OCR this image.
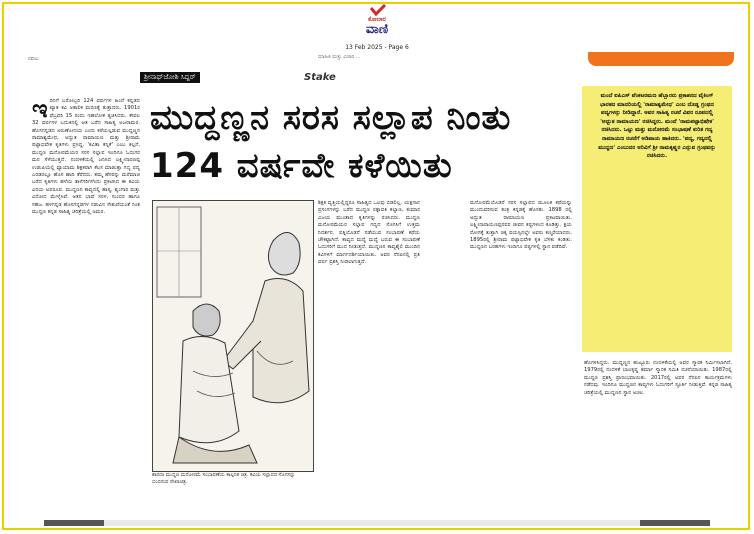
ಕೋಲಾರ
ವಾಣಿ
13 Feb 2025 - Page 6
ಮಾಹಿತಿ ಮತ್ತು ವಿಚಾರ ...
ನವಲು
ಶ್ರೀನಾಥ್‌ಜೋಶಿ ಸಿದ್ದರ್	Stake
ಮುದ್ದಣ್ಣನ ಸರಸ ಸಲ್ಲಾಪ ನಿಂತು 124 ವರ್ಷವೇ ಕಳೆಯಿತು
ಇ ದಿನಿಗೆ ಬರೋಬ್ಬರಿ 124 ವರ್ಷಗಳ ಹಿಂದೆ ಕನ್ನಡದ ಖ್ಯಾತ ಕವಿ ಅಕಾಲಿಕ ಮರಣಕ್ಕೆ ತುತ್ತಾದರು. 1901ರ ಫೆಬ್ರವರಿ 15 ರಂದು ಇಹಲೋಕ ತ್ಯಜಿಸಿದರು. ಕೇವಲ 32 ವರ್ಷಗಳ ಬದುಕಿನಲ್ಲಿ ಆತ ಬರೆದ ಸಾಹಿತ್ಯ ಅಜರಾಮರ. ಹೊಸಗನ್ನಡದ ಅರುಣೋದಯ ಎಂದು ಕರೆಯಲ್ಪಡುವ ಮುದ್ದಣ್ಣನ ರಾಮಾಶ್ವಮೇಧ, ಅದ್ಭುತ ರಾಮಾಯಣ ಮತ್ತು ಶ್ರೀರಾಮ ಪಟ್ಟಾಭಿಷೇಕ ಕೃತಿಗಳು ಪ್ರಸಿದ್ಧ. 'ಕವಿತಾ ಕನ್ನಿಕೆ' ಎಂಬ ಕಲ್ಪನೆ, ಮುದ್ದಣ ಮನೋರಮೆಯರ ಸರಸ ಸಲ್ಲಾಪ ಇಂದಿಗೂ ಓದುಗರ ಮನ ಸೆಳೆಯುತ್ತದೆ. ನಂದಳಿಕೆಯಲ್ಲಿ ಜನಿಸಿದ ಲಕ್ಷ್ಮೀನಾರಣಪ್ಪ ಉಡುಪಿಯಲ್ಲಿ ವ್ಯಾಯಾಮ ಶಿಕ್ಷಕರಾಗಿ ಕೆಲಸ ಮಾಡುತ್ತಾ ಗದ್ಯ ಪದ್ಯ ಎರಡರಲ್ಲೂ ಹೊಸ ಹಾದಿ ತೆರೆದರು. ತಮ್ಮ ಹೆಸರನ್ನು ಮರೆಮಾಚಿ ಬರೆದ ಕೃತಿಗಳು ಹಳೆಯ ತಾಳೆಗರಿಗಳೆಂದು ಪ್ರಕಟಿಸಿದ ಈ ಕವಿಯ ವಿನಯ ಅಪರೂಪ. ಮುದ್ದಣನ ಕಾವ್ಯದಲ್ಲಿ ಹಾಸ್ಯ, ಶೃಂಗಾರ ಮತ್ತು ವಿನೋದ ಮೇಳೈಸಿವೆ. ಆತನ ಭಾಷೆ ಸರಳ, ಸುಂದರ ಹಾಗೂ ಸಹಜ. ಹಳಗನ್ನಡ ಹೊಸಗನ್ನಡಗಳ ನಡುವಿನ ಸೇತುವೆಯಂತೆ ನಿಂತ ಮುದ್ದಣ ಕನ್ನಡ ಸಾಹಿತ್ಯ ಚರಿತ್ರೆಯಲ್ಲಿ ಅಮರ.
ಶಾರದಾ ಮುದ್ದಣ ಮನೋರಮೆ ಸಂಭಾಷಣೆಯ ಕಾಲ್ಪನಿಕ ಚಿತ್ರ. ಕವಿಯ ಸಲ್ಲಾಪದ ಸೊಗಸನ್ನು ಬಿಂಬಿಸುವ ರೇಖಾಚಿತ್ರ.
ಶಿಕ್ಷಕ ವೃತ್ತಿಯಲ್ಲಿದ್ದರೂ ಸಾಹಿತ್ಯದ ಒಲವು ಬಿಡಲಿಲ್ಲ. ಯಕ್ಷಗಾನ ಪ್ರಸಂಗಗಳನ್ನು ಬರೆದ ಮುದ್ದಣ ರತ್ನಾವತಿ ಕಲ್ಯಾಣ, ಕುಮಾರ ವಿಜಯ ಮುಂತಾದ ಕೃತಿಗಳನ್ನು ರಚಿಸಿದರು. ಮುದ್ದಣ ಮನೋರಮೆಯರ ಸಲ್ಲಾಪ ಗದ್ಯದ ಸೊಗಸಿಗೆ ಉತ್ತಮ ನಿದರ್ಶನ. ಪತ್ನಿಯೊಡನೆ ನಡೆಯುವ ಸಂಭಾಷಣೆ ಕಥೆಯ ಚೌಕಟ್ಟಾಗಿದೆ. ಕಾವ್ಯದ ಮಧ್ಯೆ ಮಧ್ಯೆ ಬರುವ ಈ ಸಂಭಾಷಣೆ ಓದುಗರಿಗೆ ಮುದ ನೀಡುತ್ತದೆ. ಮುದ್ದಣನ ಕಾವ್ಯಶೈಲಿ ಮುಂದಿನ ಕವಿಗಳಿಗೆ ಮಾರ್ಗದರ್ಶಿಯಾಯಿತು. ಅವರ ನೆನಪಿನಲ್ಲಿ ಪ್ರತಿ ವರ್ಷ ಪ್ರಶಸ್ತಿ ನೀಡಲಾಗುತ್ತದೆ.
ಮನೋರಮೆಯೊಡನೆ ಸರಸ ಸಲ್ಲಾಪದ ಮೂಲಕ ಕಥೆಯನ್ನು ಮುಂದುವರಿಸುವ ತಂತ್ರ ಕನ್ನಡಕ್ಕೆ ಹೊಸತು. 1898 ರಲ್ಲಿ ಅದ್ಭುತ ರಾಮಾಯಣ ಪ್ರಕಟವಾಯಿತು. ಲಕ್ಷ್ಮೀನಾರಾಯಣಪ್ಪನವರ ಜೀವನ ಕಷ್ಟಗಳಿಂದ ಕೂಡಿತ್ತು. ಕ್ಷಯ ರೋಗಕ್ಕೆ ತುತ್ತಾಗಿ ಚಿಕ್ಕ ವಯಸ್ಸಿನಲ್ಲೇ ಅವರು ಕಣ್ಮರೆಯಾದರು. 1895ರಲ್ಲಿ ಶ್ರೀರಾಮ ಪಟ್ಟಾಭಿಷೇಕ ಕೃತಿ ಬೆಳಕು ಕಂಡಿತು. ಮುದ್ದಣನ ಬರಹಗಳು ಇಂದಿಗೂ ಪಠ್ಯಗಳಲ್ಲಿ ಸ್ಥಾನ ಪಡೆದಿವೆ.
ಮಂದೆ ಐಪಿಎಸ್‌ ಪೆಂಕಟರಮಣ ಹೆಬ್ಬಾರರು ಪ್ರಕಾಶನದ ವೈಕಿಂಗ್‌ ಭಾರತದ ಮಾದರಿಯಲ್ಲಿ 'ರಾಮಾಶ್ವಮೇಧ' ಎಂಬ ದೊಡ್ಡ ಗ್ರಂಥದ ಪದ್ಯಗಳನ್ನು ನೀಡಿದ್ದಾರೆ. ಅವರ ಸಾಹಿತ್ಯ ರಚನೆ ವಿವರ ರೂಪದಲ್ಲಿ 'ಅದ್ಭುತ ರಾಮಾಯಣ' ರಚಿಸಿದ್ದರು. ಮಂದೆ 'ರಾಮಪಟ್ಟಾಭಿಷೇಕ' ರಚಿಸಿದರು. ಒಟ್ಟು ಮತ್ತು ಮನೋರಮೆ ಸಂಭಾಷಣೆ ಕುರಿತ ಗದ್ಯ ರಾಮಾಯಣ ರಚನೆಗೆ ಅಡಿಪಾಯ ಹಾಕಿದರು. 'ಪದ್ಯ, ಗದ್ಯದಲ್ಲಿ ಮುದ್ದಣ' ಎಂಬುದರ ಅರಿವಿಗೆ ಶ್ರೀ ರಾಮಕೃಷ್ಣರ ಎನ್ನುವ ಗ್ರಂಥವನ್ನು ರಚಿಸಿದರು.
ಹೊಗಳಿಸಿದ್ದರು. ಮುದ್ದಣ್ಣನ ಹುಟ್ಟೂರು ನಂದಳಿಕೆಯಲ್ಲಿ ಅವರ ಸ್ಮಾರಕ ನಿರ್ಮಿಸಲಾಗಿದೆ. 1979ರಲ್ಲಿ ನಂದಳಿಕೆ ಬಾಲಕೃಷ್ಣ ಶರ್ಮಾ ಸ್ಮಾರಕ ಸಮಿತಿ ರಚನೆಯಾಯಿತು. 1987ರಲ್ಲಿ ಮುದ್ದಣ ಪ್ರಶಸ್ತಿ ಪ್ರಾರಂಭವಾಯಿತು. 2017ರಲ್ಲಿ ಅವರ ನೆನಪಿನ ಕಾರ್ಯಕ್ರಮಗಳು ನಡೆದವು. ಇಂದಿಗೂ ಮುದ್ದಣನ ಕಾವ್ಯಗಳು ಓದುಗರಿಗೆ ಸ್ಫೂರ್ತಿ ನೀಡುತ್ತಿವೆ. ಕನ್ನಡ ಸಾಹಿತ್ಯ ಚರಿತ್ರೆಯಲ್ಲಿ ಮುದ್ದಣನ ಸ್ಥಾನ ಅಚಲ.
